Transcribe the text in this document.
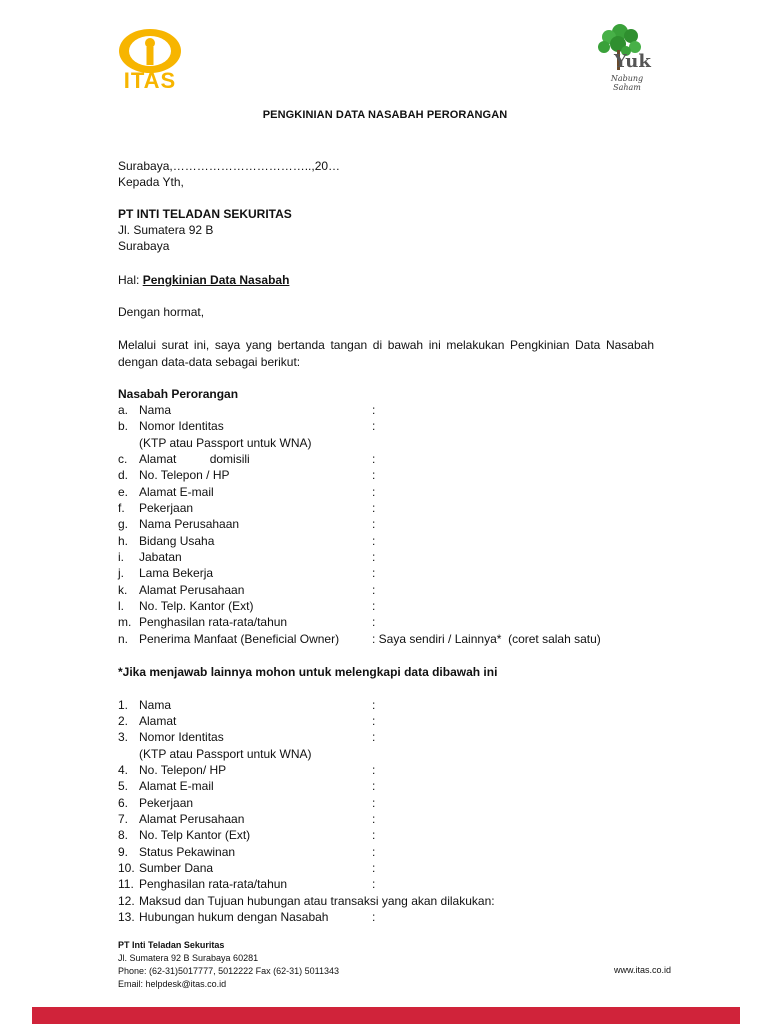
ITAS
Yuk
Nabung Saham
PENGKINIAN DATA NASABAH PERORANGAN
Surabaya,……………………………..,20…
Kepada Yth,
PT INTI TELADAN SEKURITAS
Jl. Sumatera 92 B
Surabaya
Hal: Pengkinian Data Nasabah
Dengan hormat,
Melalui surat ini, saya yang bertanda tangan di bawah ini melakukan Pengkinian Data Nasabah dengan data-data sebagai berikut:
Nasabah Perorangan
a. Nama	:
b. Nomor Identitas	:
(KTP atau Passport untuk WNA)
c. Alamat          domisili	:
d. No. Telepon / HP	:
e. Alamat E-mail	:
f. Pekerjaan	:
g. Nama Perusahaan	:
h. Bidang Usaha	:
i. Jabatan	:
j. Lama Bekerja	:
k. Alamat Perusahaan	:
l. No. Telp. Kantor (Ext)	:
m. Penghasilan rata-rata/tahun	:
n. Penerima Manfaat (Beneficial Owner)	: Saya sendiri / Lainnya*  (coret salah satu)
*Jika menjawab lainnya mohon untuk melengkapi data dibawah ini
1. Nama	:
2. Alamat	:
3. Nomor Identitas	:
(KTP atau Passport untuk WNA)
4. No. Telepon/ HP	:
5. Alamat E-mail	:
6. Pekerjaan	:
7. Alamat Perusahaan	:
8. No. Telp Kantor (Ext)	:
9. Status Pekawinan	:
10. Sumber Dana	:
11. Penghasilan rata-rata/tahun	:
12. Maksud dan Tujuan hubungan atau transaksi yang akan dilakukan:
13. Hubungan hukum dengan Nasabah	:
PT Inti Teladan Sekuritas
Jl. Sumatera 92 B Surabaya 60281
Phone: (62-31)5017777, 5012222 Fax (62-31) 5011343
Email: helpdesk@itas.co.id
www.itas.co.id
